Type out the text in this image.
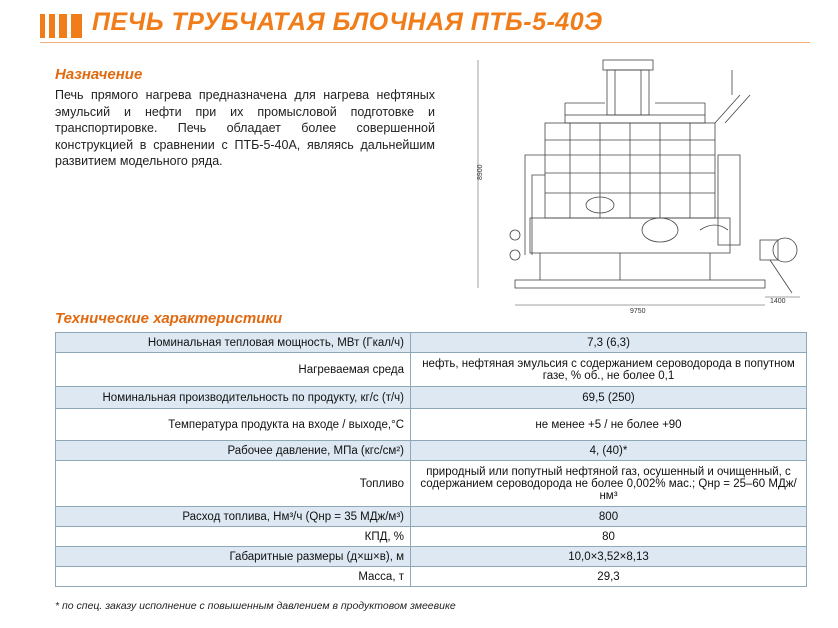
ПЕЧЬ ТРУБЧАТАЯ БЛОЧНАЯ ПТБ-5-40Э
Назначение
Печь прямого нагрева предназначена для нагрева нефтяных эмульсий и нефти при их промысловой подготовке и транспортировке. Печь обладает более совершенной конструкцией в сравнении с ПТБ-5-40А, являясь дальнейшим развитием модельного ряда.
8900
9750
1400
Технические характеристики
Номинальная тепловая мощность, МВт (Гкал/ч)	7,3 (6,3)
Нагреваемая среда	нефть, нефтяная эмульсия с содержанием сероводорода в попутном газе, % об., не более 0,1
Номинальная производительность по продукту, кг/с (т/ч)	69,5 (250)
Температура продукта на входе / выходе,°С	не менее +5 / не более +90
Рабочее давление, МПа (кгс/см²)	4, (40)*
Топливо	природный или попутный нефтяной газ, осушенный и очищенный, с содержанием сероводорода не более 0,002% мас.; Qнр = 25–60 МДж/нм³
Расход топлива, Нм³/ч (Qнр = 35 МДж/м³)	800
КПД, %	80
Габаритные размеры (д×ш×в), м	10,0×3,52×8,13
Масса, т	29,3
* по спец. заказу исполнение с повышенным давлением в продуктовом змеевике
